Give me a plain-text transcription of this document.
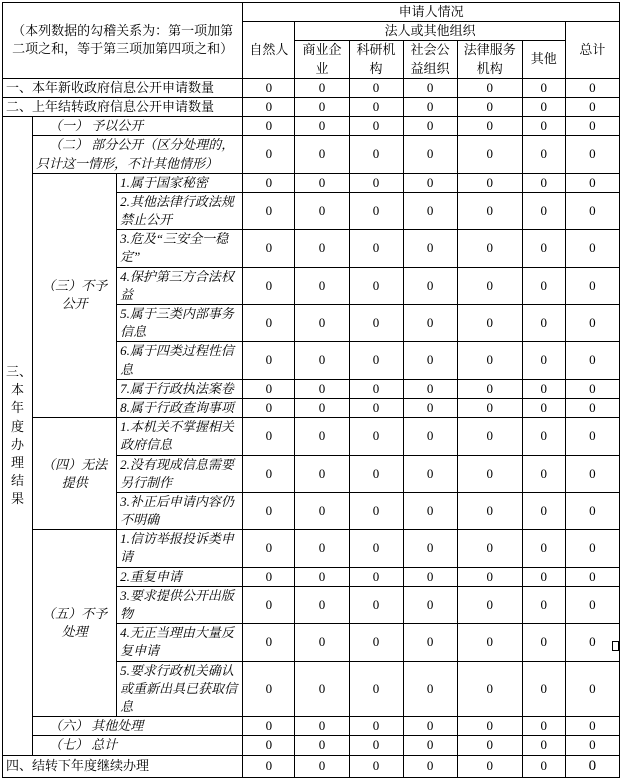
（本列数据的勾稽关系为：第一项加第二项之和，等于第三项加第四项之和）			申请人情况						
			自然人	法人或其他组织					总计
				商业企业	科研机构	社会公益组织	法律服务机构	其他	
一、本年新收政府信息公开申请数量			0	0	0	0	0	0	0
二、上年结转政府信息公开申请数量			0	0	0	0	0	0	0
三、本年度办理结果	（一） 予以公开		0	0	0	0	0	0	0
	（二） 部分公开（区分处理的，只计这一情形，不计其他情形）		0	0	0	0	0	0	0
	（三）不予公开	1.属于国家秘密	0	0	0	0	0	0	0
		2.其他法律行政法规禁止公开	0	0	0	0	0	0	0
		3.危及“三安全一稳定”	0	0	0	0	0	0	0
		4.保护第三方合法权益	0	0	0	0	0	0	0
		5.属于三类内部事务信息	0	0	0	0	0	0	0
		6.属于四类过程性信息	0	0	0	0	0	0	0
		7.属于行政执法案卷	0	0	0	0	0	0	0
		8.属于行政查询事项	0	0	0	0	0	0	0
	（四）无法提供	1.本机关不掌握相关政府信息	0	0	0	0	0	0	0
		2.没有现成信息需要另行制作	0	0	0	0	0	0	0
		3.补正后申请内容仍不明确	0	0	0	0	0	0	0
	（五）不予处理	1.信访举报投诉类申请	0	0	0	0	0	0	0
		2.重复申请	0	0	0	0	0	0	0
		3.要求提供公开出版物	0	0	0	0	0	0	0
		4.无正当理由大量反复申请	0	0	0	0	0	0	0
		5.要求行政机关确认或重新出具已获取信息	0	0	0	0	0	0	0
	（六） 其他处理		0	0	0	0	0	0	0
	（七） 总计		0	0	0	0	0	0	0
四、结转下年度继续办理			0	0	0	0	0	0	0
